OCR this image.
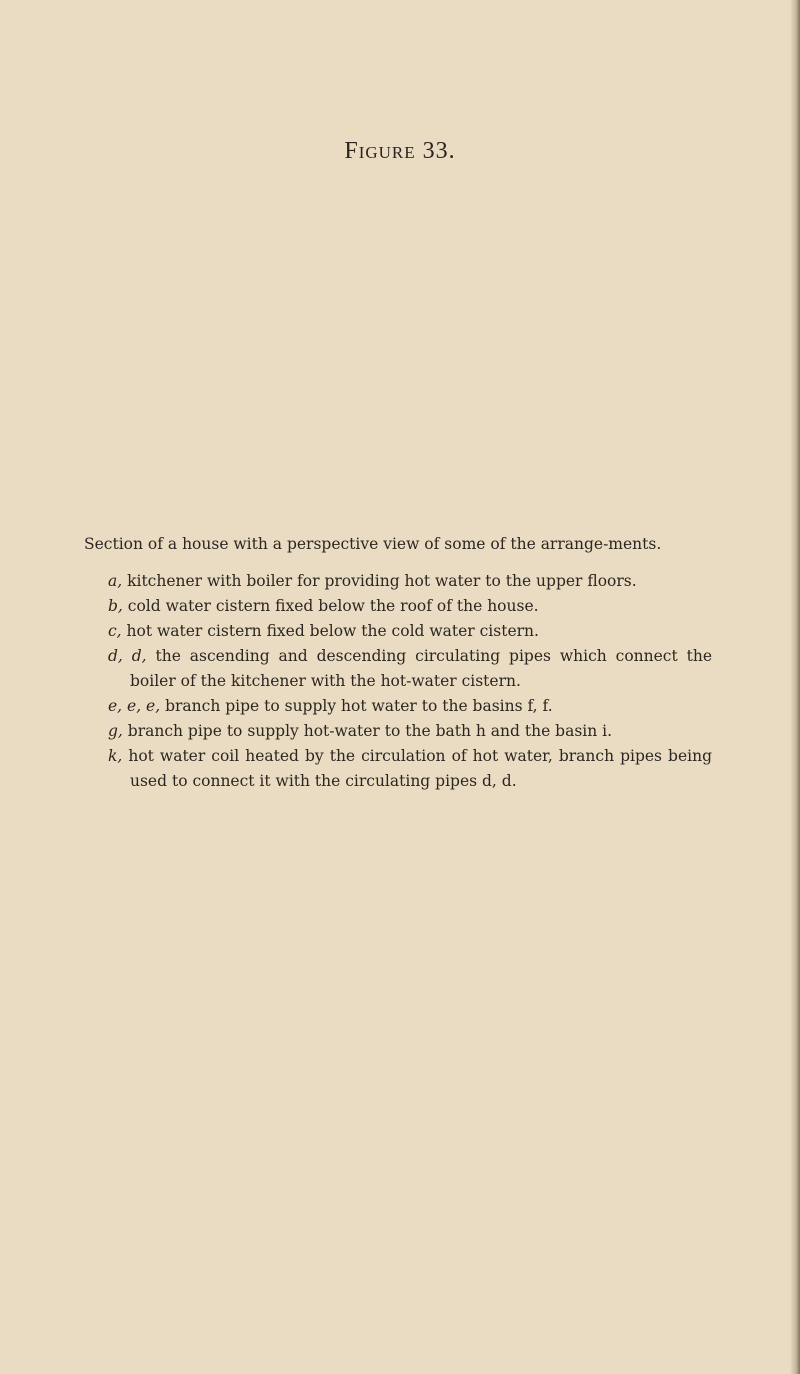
Figure 33.

Section of a house with a perspective view of some of the arrange-ments.

a, kitchener with boiler for providing hot water to the upper floors.
b, cold water cistern fixed below the roof of the house.
c, hot water cistern fixed below the cold water cistern.
d, d, the ascending and descending circulating pipes which connect the boiler of the kitchener with the hot-water cistern.
e, e, e, branch pipe to supply hot water to the basins f, f.
g, branch pipe to supply hot-water to the bath h and the basin i.
k, hot water coil heated by the circulation of hot water, branch pipes being used to connect it with the circulating pipes d, d.
